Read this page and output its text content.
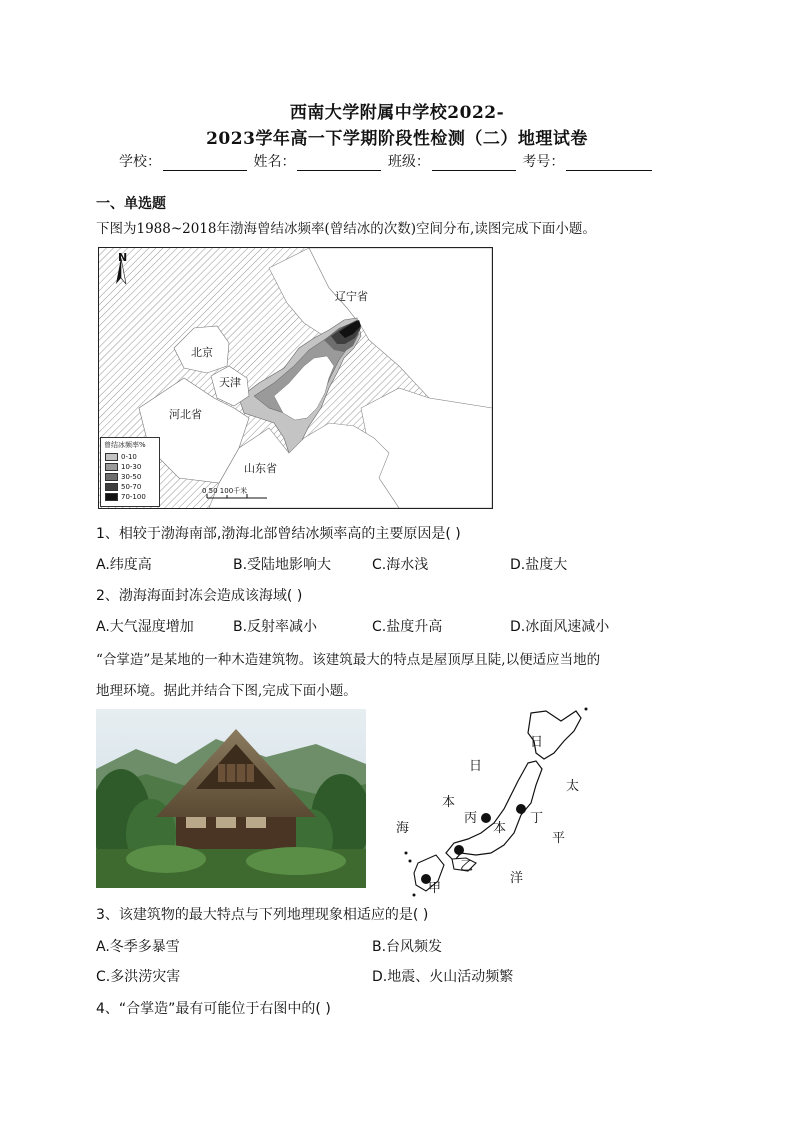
西南大学附属中学校2022-
2023学年高一下学期阶段性检测（二）地理试卷
学校：	姓名：	班级：	考号：
一、单选题
下图为1988~2018年渤海曾结冰频率(曾结冰的次数)空间分布,读图完成下面小题。
N
辽宁省
北京
天津
河北省
山东省
0 50 100千米
曾结冰频率%
0-10
10-30
30-50
50-70
70-100
1、相较于渤海南部,渤海北部曾结冰频率高的主要原因是( )
A.纬度高	B.受陆地影响大	C.海水浅	D.盐度大
2、渤海海面封冻会造成该海域( )
A.大气湿度增加	B.反射率减小	C.盐度升高	D.冰面风速减小
“合掌造”是某地的一种木造建筑物。该建筑最大的特点是屋顶厚且陡,以便适应当地的
地理环境。据此并结合下图,完成下面小题。
日
日
太
本
丙
本
丁
海
平
乙
洋
甲
3、该建筑物的最大特点与下列地理现象相适应的是( )
A.冬季多暴雪	B.台风频发
C.多洪涝灾害	D.地震、火山活动频繁
4、“合掌造”最有可能位于右图中的( )
